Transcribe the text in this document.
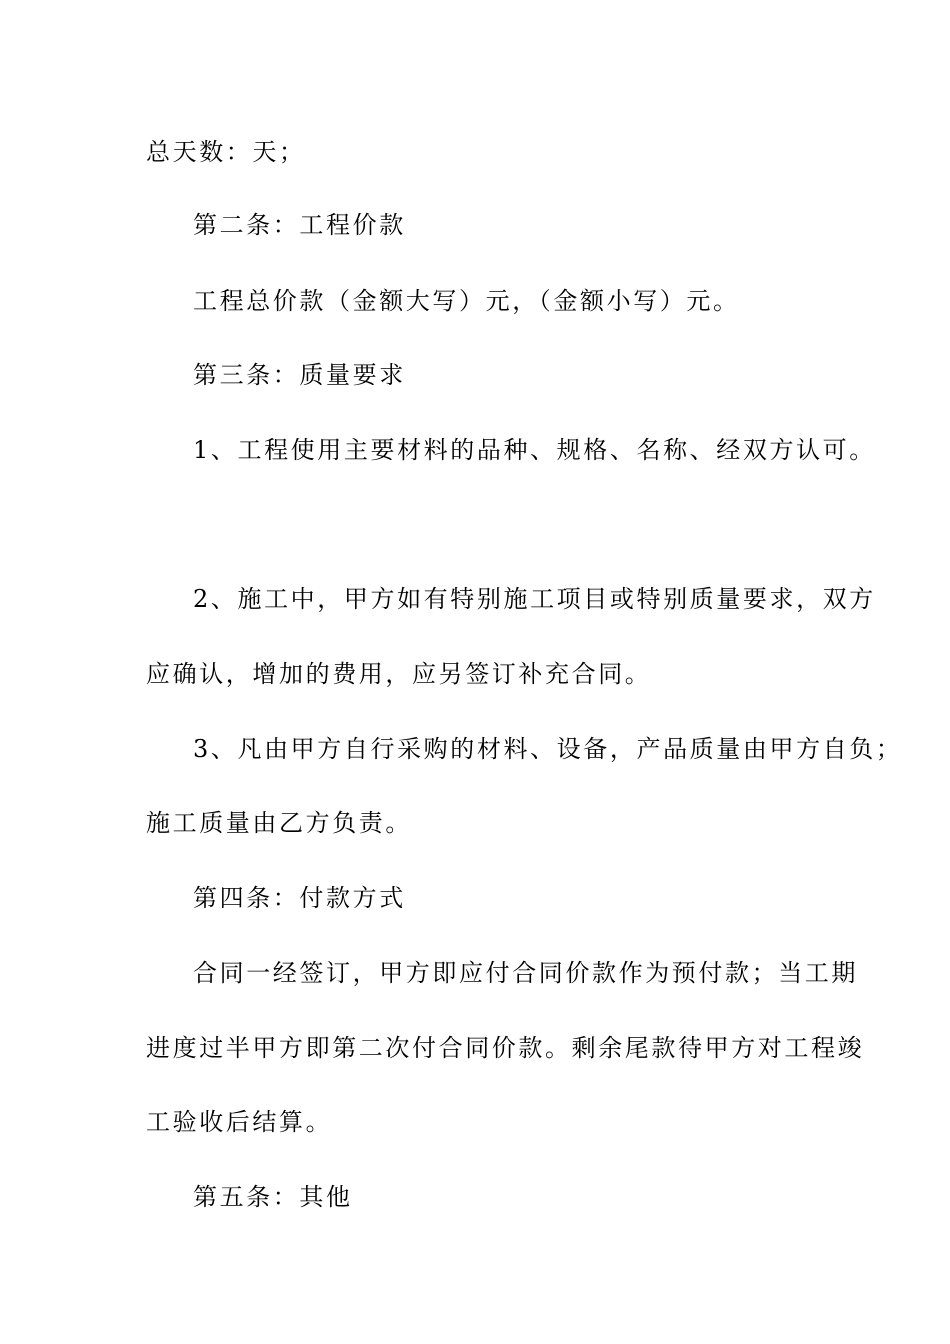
总天数：天；
第二条：工程价款
工程总价款（金额大写）元，（金额小写）元。
第三条：质量要求
1、工程使用主要材料的品种、规格、名称、经双方认可。
2、施工中，甲方如有特别施工项目或特别质量要求，双方
应确认，增加的费用，应另签订补充合同。
3、凡由甲方自行采购的材料、设备，产品质量由甲方自负；
施工质量由乙方负责。
第四条：付款方式
合同一经签订，甲方即应付合同价款作为预付款；当工期
进度过半甲方即第二次付合同价款。剩余尾款待甲方对工程竣
工验收后结算。
第五条：其他
